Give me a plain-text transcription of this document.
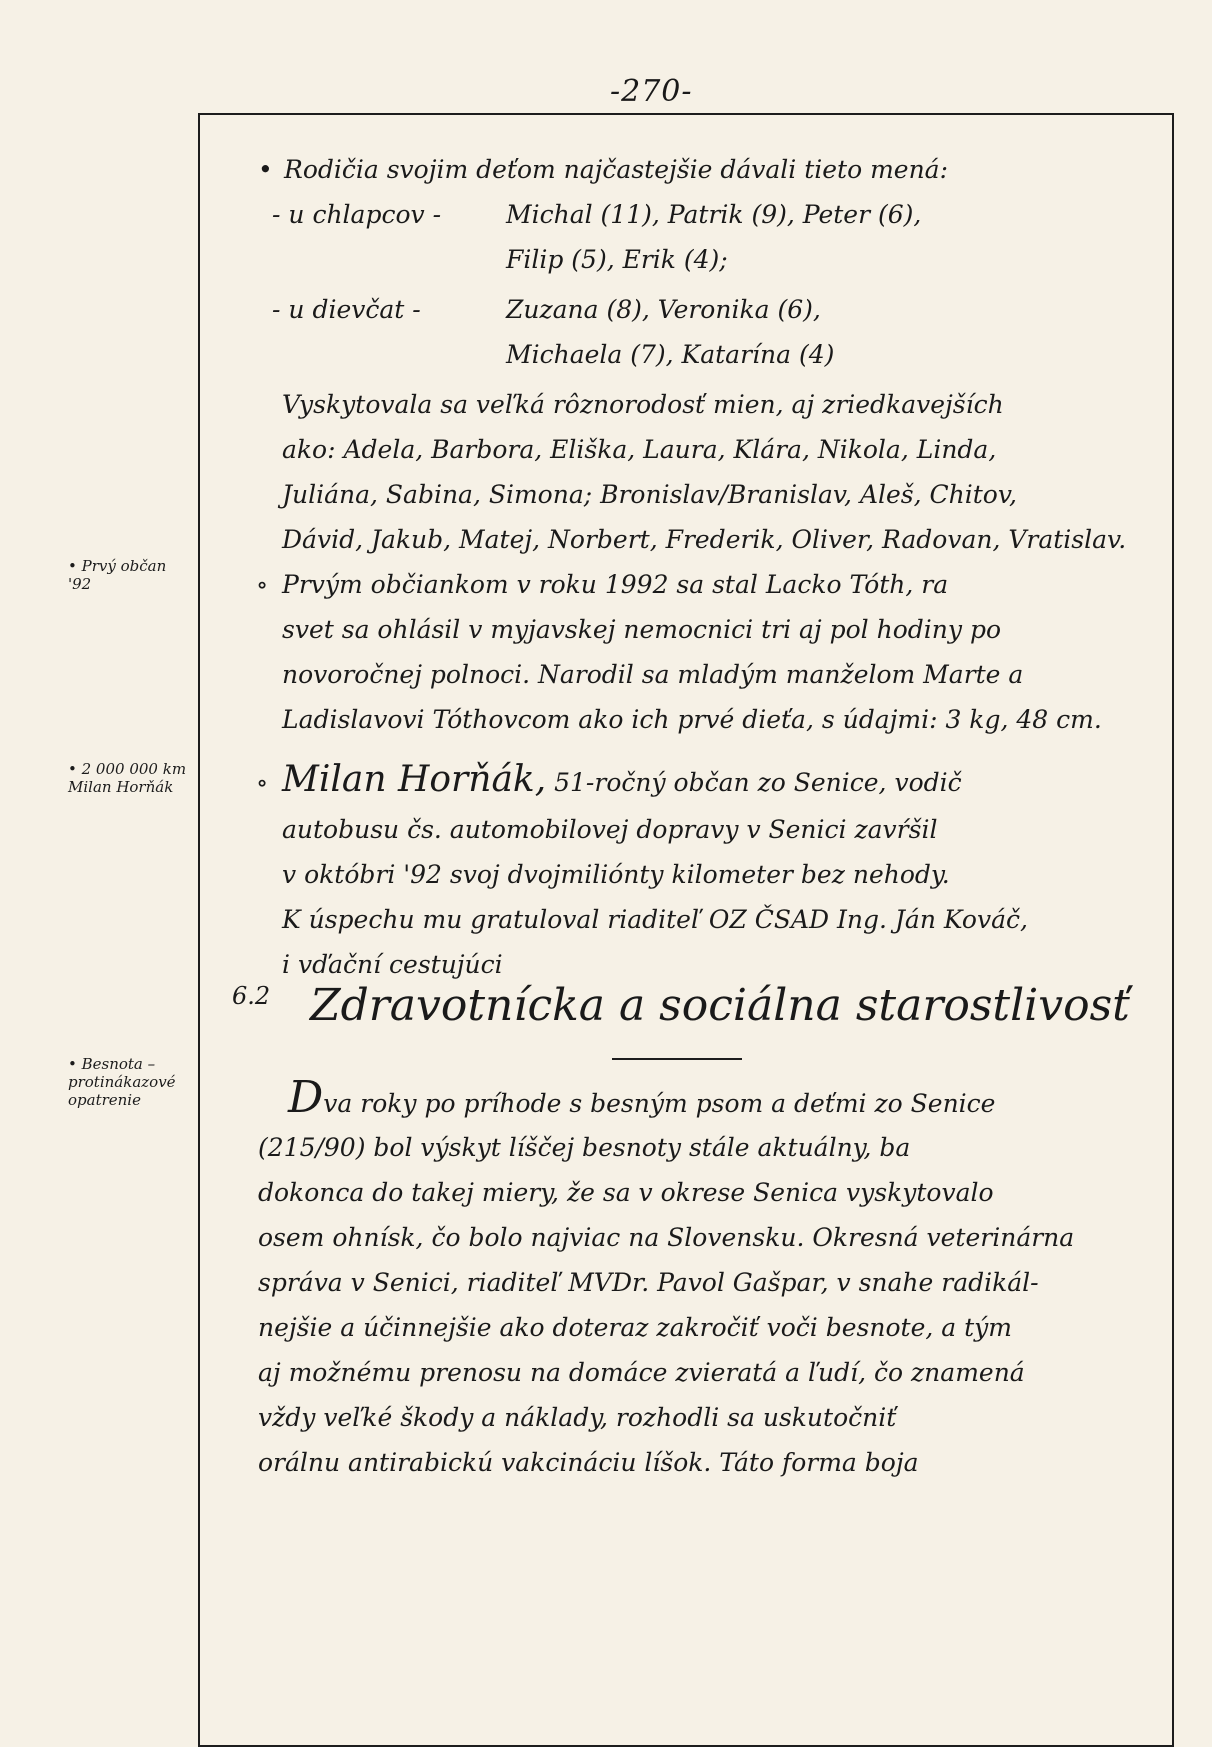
-270-
• Prvý občan '92
• 2 000 000 km Milan Horňák
• Besnota – protinákazové opatrenie
• Rodičia svojim deťom najčastejšie dávali tieto mená:
- u chlapcov -	Michal (11), Patrik (9), Peter (6),
Filip (5), Erik (4);
- u dievčat -	Zuzana (8), Veronika (6),
Michaela (7), Katarína (4)
Vyskytovala sa veľká rôznorodosť mien, aj zriedkavejších
ako: Adela, Barbora, Eliška, Laura, Klára, Nikola, Linda,
Juliána, Sabina, Simona; Bronislav/Branislav, Aleš, Chitov,
Dávid, Jakub, Matej, Norbert, Frederik, Oliver, Radovan, Vratislav.
∘ Prvým občiankom v roku 1992 sa stal Lacko Tóth, ra
svet sa ohlásil v myjavskej nemocnici tri aj pol hodiny po
novoročnej polnoci. Narodil sa mladým manželom Marte a
Ladislavovi Tóthovcom ako ich prvé dieťa, s údajmi: 3 kg, 48 cm.
∘ Milan Horňák, 51-ročný občan zo Senice, vodič
autobusu čs. automobilovej dopravy v Senici zavŕšil
v októbri '92 svoj dvojmiliónty kilometer bez nehody.
K úspechu mu gratuloval riaditeľ OZ ČSAD Ing. Ján Kováč,
i vďační cestujúci
Dva roky po príhode s besným psom a deťmi zo Senice
(215/90) bol výskyt líščej besnoty stále aktuálny, ba
dokonca do takej miery, že sa v okrese Senica vyskytovalo
osem ohnísk, čo bolo najviac na Slovensku. Okresná veterinárna
správa v Senici, riaditeľ MVDr. Pavol Gašpar, v snahe radikál-
nejšie a účinnejšie ako doteraz zakročiť voči besnote, a tým
aj možnému prenosu na domáce zvieratá a ľudí, čo znamená
vždy veľké škody a náklady, rozhodli sa uskutočniť
orálnu antirabickú vakcináciu líšok. Táto forma boja
6.2 Zdravotnícka a sociálna starostlivosť
